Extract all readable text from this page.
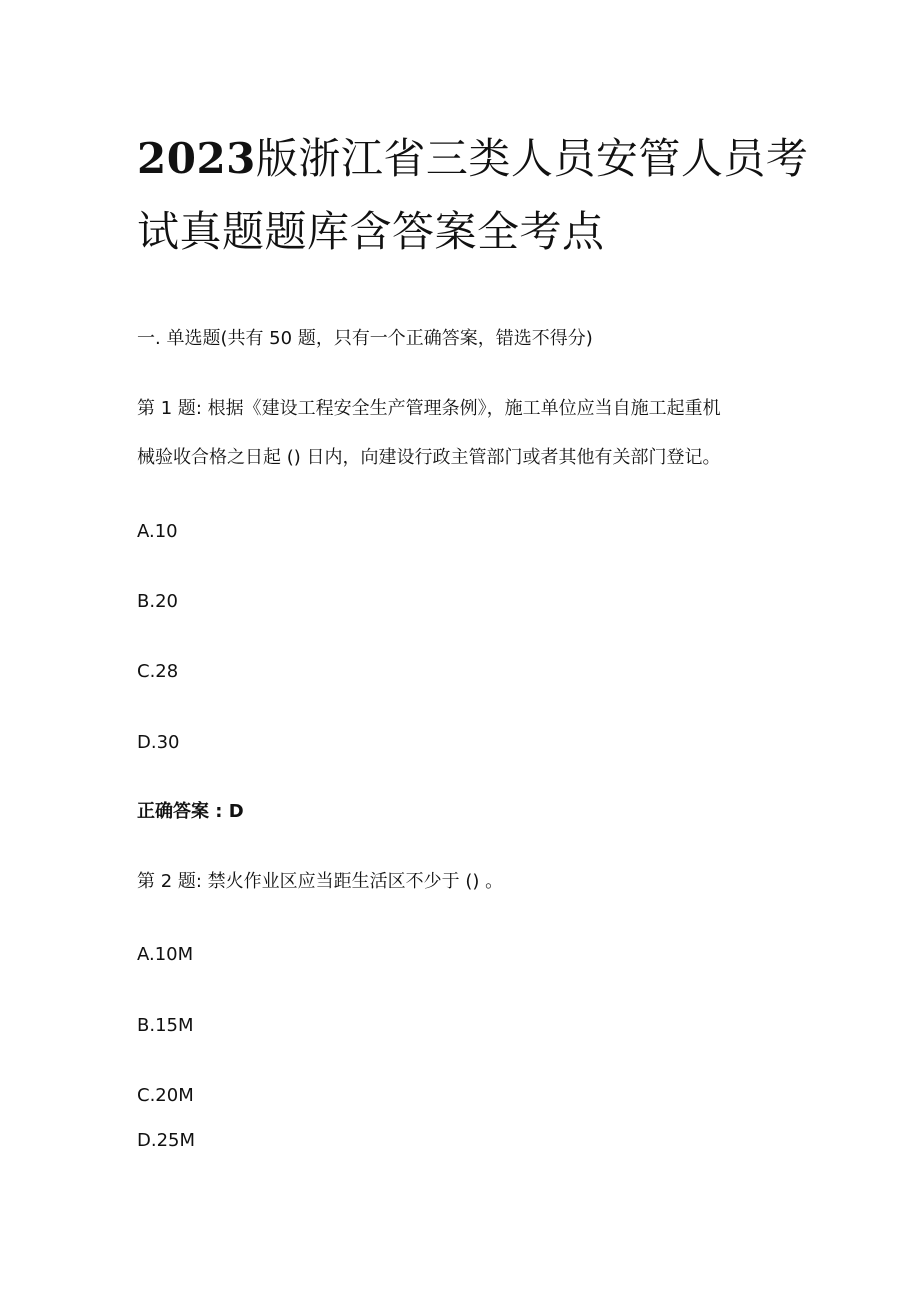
2023版浙江省三类人员安管人员考
试真题题库含答案全考点
一. 单选题(共有 50 题，只有一个正确答案，错选不得分)
第 1 题: 根据《建设工程安全生产管理条例》，施工单位应当自施工起重机
械验收合格之日起 () 日内，向建设行政主管部门或者其他有关部门登记。
A.10
B.20
C.28
D.30
正确答案 : D
第 2 题: 禁火作业区应当距生活区不少于 () 。
A.10M
B.15M
C.20M
D.25M
